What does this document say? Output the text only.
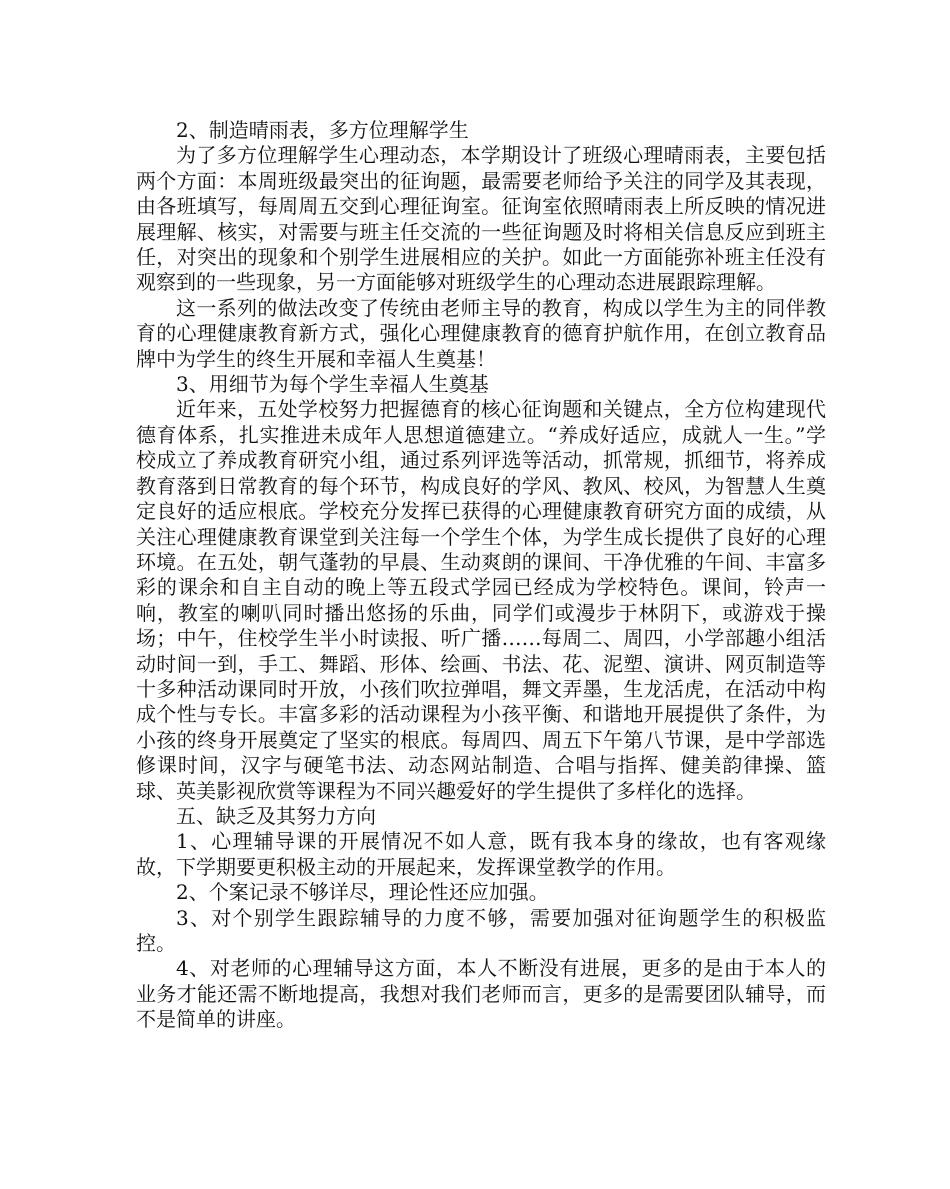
2、制造晴雨表，多方位理解学生

为了多方位理解学生心理动态，本学期设计了班级心理晴雨表，主要包括两个方面：本周班级最突出的征询题，最需要老师给予关注的同学及其表现，由各班填写，每周周五交到心理征询室。征询室依照晴雨表上所反映的情况进展理解、核实，对需要与班主任交流的一些征询题及时将相关信息反应到班主任，对突出的现象和个别学生进展相应的关护。如此一方面能弥补班主任没有观察到的一些现象，另一方面能够对班级学生的心理动态进展跟踪理解。

这一系列的做法改变了传统由老师主导的教育，构成以学生为主的同伴教育的心理健康教育新方式，强化心理健康教育的德育护航作用，在创立教育品牌中为学生的终生开展和幸福人生奠基！

3、用细节为每个学生幸福人生奠基

近年来，五处学校努力把握德育的核心征询题和关键点，全方位构建现代德育体系，扎实推进未成年人思想道德建立。“养成好适应，成就人一生。”学校成立了养成教育研究小组，通过系列评选等活动，抓常规，抓细节，将养成教育落到日常教育的每个环节，构成良好的学风、教风、校风，为智慧人生奠定良好的适应根底。学校充分发挥已获得的心理健康教育研究方面的成绩，从关注心理健康教育课堂到关注每一个学生个体，为学生成长提供了良好的心理环境。在五处，朝气蓬勃的早晨、生动爽朗的课间、干净优雅的午间、丰富多彩的课余和自主自动的晚上等五段式学园已经成为学校特色。课间，铃声一响，教室的喇叭同时播出悠扬的乐曲，同学们或漫步于林阴下，或游戏于操场；中午，住校学生半小时读报、听广播……每周二、周四，小学部趣小组活动时间一到，手工、舞蹈、形体、绘画、书法、花、泥塑、演讲、网页制造等十多种活动课同时开放，小孩们吹拉弹唱，舞文弄墨，生龙活虎，在活动中构成个性与专长。丰富多彩的活动课程为小孩平衡、和谐地开展提供了条件，为小孩的终身开展奠定了坚实的根底。每周四、周五下午第八节课，是中学部选修课时间，汉字与硬笔书法、动态网站制造、合唱与指挥、健美韵律操、篮球、英美影视欣赏等课程为不同兴趣爱好的学生提供了多样化的选择。

五、缺乏及其努力方向

1、心理辅导课的开展情况不如人意，既有我本身的缘故，也有客观缘故，下学期要更积极主动的开展起来，发挥课堂教学的作用。

2、个案记录不够详尽，理论性还应加强。

3、对个别学生跟踪辅导的力度不够，需要加强对征询题学生的积极监控。

4、对老师的心理辅导这方面，本人不断没有进展，更多的是由于本人的业务才能还需不断地提高，我想对我们老师而言，更多的是需要团队辅导，而不是简单的讲座。
